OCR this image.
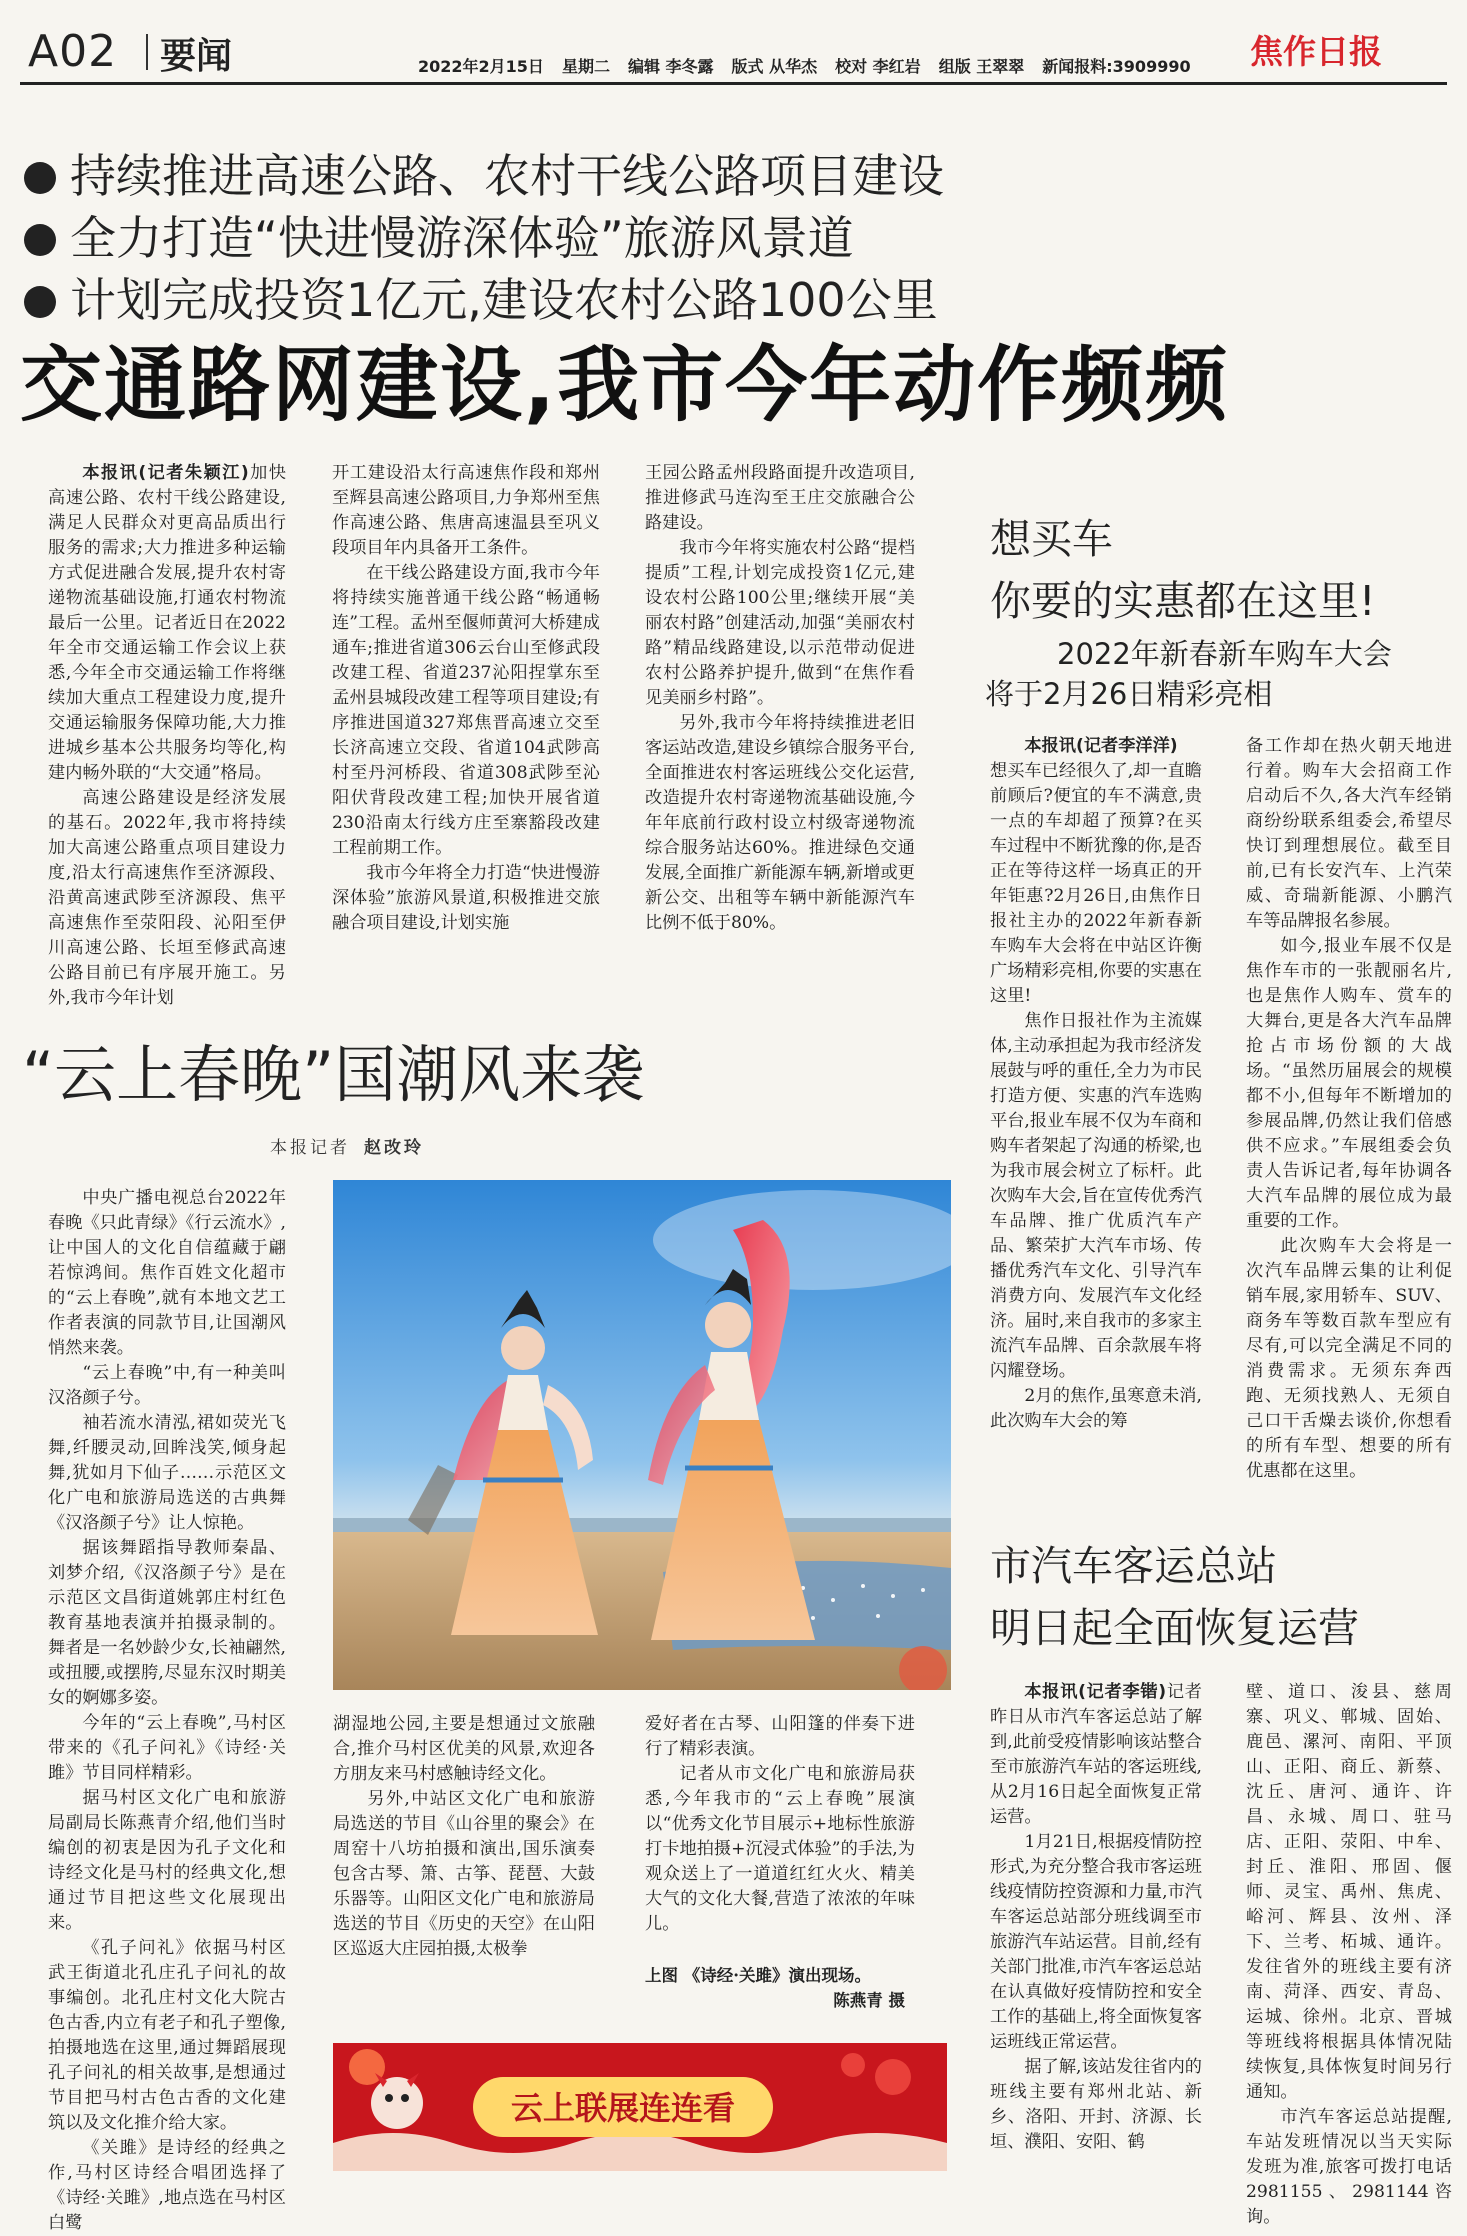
A02 要闻	2022年2月15日 星期二 编辑 李冬露 版式 从华杰 校对 李红岩 组版 王翠翠 新闻报料:3909990	焦作日报
持续推进高速公路、农村干线公路项目建设
全力打造“快进慢游深体验”旅游风景道
计划完成投资1亿元,建设农村公路100公里
交通路网建设,我市今年动作频频

本报讯(记者朱颖江)加快高速公路、农村干线公路建设,满足人民群众对更高品质出行服务的需求;大力推进多种运输方式促进融合发展,提升农村寄递物流基础设施,打通农村物流最后一公里。记者近日在2022年全市交通运输工作会议上获悉,今年全市交通运输工作将继续加大重点工程建设力度,提升交通运输服务保障功能,大力推进城乡基本公共服务均等化,构建内畅外联的“大交通”格局。

高速公路建设是经济发展的基石。2022年,我市将持续加大高速公路重点项目建设力度,沿太行高速焦作至济源段、沿黄高速武陟至济源段、焦平高速焦作至荥阳段、沁阳至伊川高速公路、长垣至修武高速公路目前已有序展开施工。另外,我市今年计划

开工建设沿太行高速焦作段和郑州至辉县高速公路项目,力争郑州至焦作高速公路、焦唐高速温县至巩义段项目年内具备开工条件。

在干线公路建设方面,我市今年将持续实施普通干线公路“畅通畅连”工程。孟州至偃师黄河大桥建成通车;推进省道306云台山至修武段改建工程、省道237沁阳捏掌东至孟州县城段改建工程等项目建设;有序推进国道327郑焦晋高速立交至长济高速立交段、省道104武陟高村至丹河桥段、省道308武陟至沁阳伏背段改建工程;加快开展省道230沿南太行线方庄至寨豁段改建工程前期工作。

我市今年将全力打造“快进慢游深体验”旅游风景道,积极推进交旅融合项目建设,计划实施

王园公路孟州段路面提升改造项目,推进修武马连沟至王庄交旅融合公路建设。

我市今年将实施农村公路“提档提质”工程,计划完成投资1亿元,建设农村公路100公里;继续开展“美丽农村路”创建活动,加强“美丽农村路”精品线路建设,以示范带动促进农村公路养护提升,做到“在焦作看见美丽乡村路”。

另外,我市今年将持续推进老旧客运站改造,建设乡镇综合服务平台,全面推进农村客运班线公交化运营,改造提升农村寄递物流基础设施,今年年底前行政村设立村级寄递物流综合服务站达60%。推进绿色交通发展,全面推广新能源车辆,新增或更新公交、出租等车辆中新能源汽车比例不低于80%。

想买车
你要的实惠都在这里!
2022年新春新车购车大会
将于2月26日精彩亮相

本报讯(记者李洋洋)

想买车已经很久了,却一直瞻前顾后?便宜的车不满意,贵一点的车却超了预算?在买车过程中不断犹豫的你,是否正在等待这样一场真正的开年钜惠?2月26日,由焦作日报社主办的2022年新春新车购车大会将在中站区许衡广场精彩亮相,你要的实惠在这里!

焦作日报社作为主流媒体,主动承担起为我市经济发展鼓与呼的重任,全力为市民打造方便、实惠的汽车选购平台,报业车展不仅为车商和购车者架起了沟通的桥梁,也为我市展会树立了标杆。此次购车大会,旨在宣传优秀汽车品牌、推广优质汽车产品、繁荣扩大汽车市场、传播优秀汽车文化、引导汽车消费方向、发展汽车文化经济。届时,来自我市的多家主流汽车品牌、百余款展车将闪耀登场。

2月的焦作,虽寒意未消,此次购车大会的筹

备工作却在热火朝天地进行着。购车大会招商工作启动后不久,各大汽车经销商纷纷联系组委会,希望尽快订到理想展位。截至目前,已有长安汽车、上汽荣威、奇瑞新能源、小鹏汽车等品牌报名参展。

如今,报业车展不仅是焦作车市的一张靓丽名片,也是焦作人购车、赏车的大舞台,更是各大汽车品牌抢占市场份额的大战场。“虽然历届展会的规模都不小,但每年不断增加的参展品牌,仍然让我们倍感供不应求。”车展组委会负责人告诉记者,每年协调各大汽车品牌的展位成为最重要的工作。

此次购车大会将是一次汽车品牌云集的让利促销车展,家用轿车、SUV、商务车等数百款车型应有尽有,可以完全满足不同的消费需求。无须东奔西跑、无须找熟人、无须自己口干舌燥去谈价,你想看的所有车型、想要的所有优惠都在这里。

“云上春晚”国潮风来袭
本报记者 赵改玲

中央广播电视总台2022年春晚《只此青绿》《行云流水》,让中国人的文化自信蕴藏于翩若惊鸿间。焦作百姓文化超市的“云上春晚”,就有本地文艺工作者表演的同款节目,让国潮风悄然来袭。

“云上春晚”中,有一种美叫汉洛颜子兮。

袖若流水清泓,裙如荧光飞舞,纤腰灵动,回眸浅笑,倾身起舞,犹如月下仙子……示范区文化广电和旅游局选送的古典舞《汉洛颜子兮》让人惊艳。

据该舞蹈指导教师秦晶、刘梦介绍,《汉洛颜子兮》是在示范区文昌街道姚郭庄村红色教育基地表演并拍摄录制的。舞者是一名妙龄少女,长袖翩然,或扭腰,或摆胯,尽显东汉时期美女的婀娜多姿。

今年的“云上春晚”,马村区带来的《孔子问礼》《诗经·关雎》节目同样精彩。

据马村区文化广电和旅游局副局长陈燕青介绍,他们当时编创的初衷是因为孔子文化和诗经文化是马村的经典文化,想通过节目把这些文化展现出来。

《孔子问礼》依据马村区武王街道北孔庄孔子问礼的故事编创。北孔庄村文化大院古色古香,内立有老子和孔子塑像,拍摄地选在这里,通过舞蹈展现孔子问礼的相关故事,是想通过节目把马村古色古香的文化建筑以及文化推介给大家。

《关雎》是诗经的经典之作,马村区诗经合唱团选择了《诗经·关雎》,地点选在马村区白鹭

湖湿地公园,主要是想通过文旅融合,推介马村区优美的风景,欢迎各方朋友来马村感触诗经文化。

另外,中站区文化广电和旅游局选送的节目《山谷里的聚会》在周窑十八坊拍摄和演出,国乐演奏包含古琴、箫、古筝、琵琶、大鼓乐器等。山阳区文化广电和旅游局选送的节目《历史的天空》在山阳区巡返大庄园拍摄,太极拳

爱好者在古琴、山阳篷的伴奏下进行了精彩表演。

记者从市文化广电和旅游局获悉,今年我市的“云上春晚”展演以“优秀文化节目展示+地标性旅游打卡地拍摄+沉浸式体验”的手法,为观众送上了一道道红红火火、精美大气的文化大餐,营造了浓浓的年味儿。

上图 《诗经·关雎》演出现场。
陈燕青 摄
云上联展连连看
市汽车客运总站
明日起全面恢复运营

本报讯(记者李锴)记者昨日从市汽车客运总站了解到,此前受疫情影响该站整合至市旅游汽车站的客运班线,从2月16日起全面恢复正常运营。

1月21日,根据疫情防控形式,为充分整合我市客运班线疫情防控资源和力量,市汽车客运总站部分班线调至市旅游汽车站运营。目前,经有关部门批准,市汽车客运总站在认真做好疫情防控和安全工作的基础上,将全面恢复客运班线正常运营。

据了解,该站发往省内的班线主要有郑州北站、新乡、洛阳、开封、济源、长垣、濮阳、安阳、鹤

壁、道口、浚县、慈周寨、巩义、郸城、固始、鹿邑、漯河、南阳、平顶山、正阳、商丘、新蔡、沈丘、唐河、通许、许昌、永城、周口、驻马店、正阳、荥阳、中牟、封丘、淮阳、邢固、偃师、灵宝、禹州、焦虎、峪河、辉县、汝州、泽下、兰考、柘城、通许。发往省外的班线主要有济南、菏泽、西安、青岛、运城、徐州。北京、晋城等班线将根据具体情况陆续恢复,具体恢复时间另行通知。

市汽车客运总站提醒,车站发班情况以当天实际发班为准,旅客可拨打电话2981155、2981144咨询。
